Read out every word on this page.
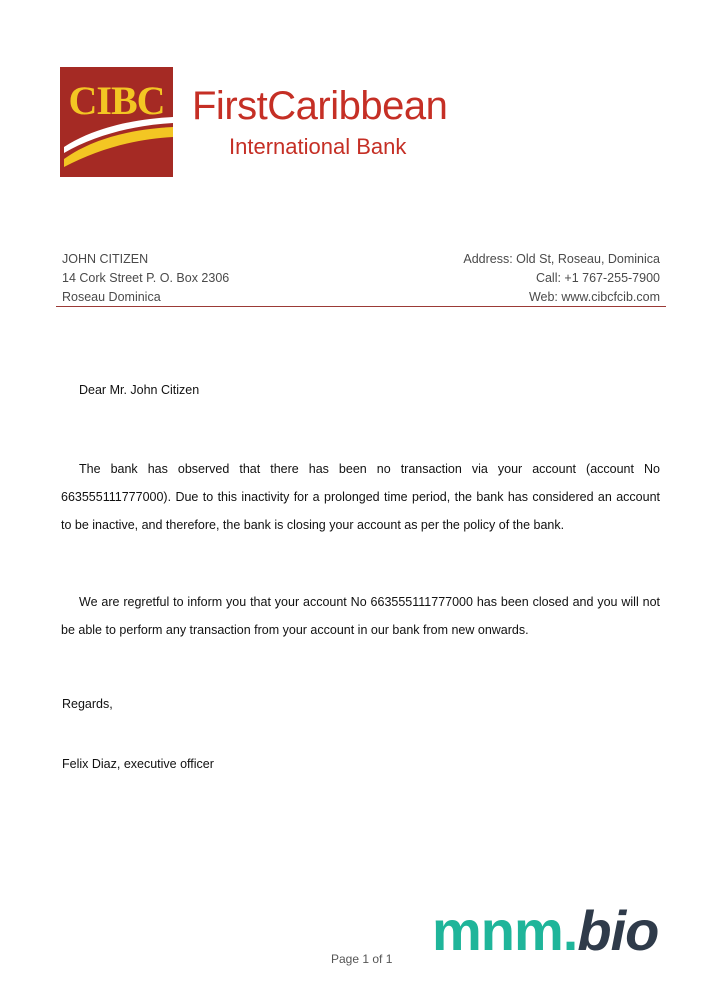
CIBC FirstCaribbean
International Bank
JOHN CITIZEN
14 Cork Street P. O. Box 2306
Roseau Dominica
Address: Old St, Roseau, Dominica
Call: +1 767-255-7900
Web: www.cibcfcib.com
Dear Mr. John Citizen
The bank has observed that there has been no transaction via your account (account No 663555111777000). Due to this inactivity for a prolonged time period, the bank has considered an account to be inactive, and therefore, the bank is closing your account as per the policy of the bank.
We are regretful to inform you that your account No 663555111777000 has been closed and you will not be able to perform any transaction from your account in our bank from new onwards.
Regards,
Felix Diaz, executive officer
mnm.bio
Page 1 of 1
